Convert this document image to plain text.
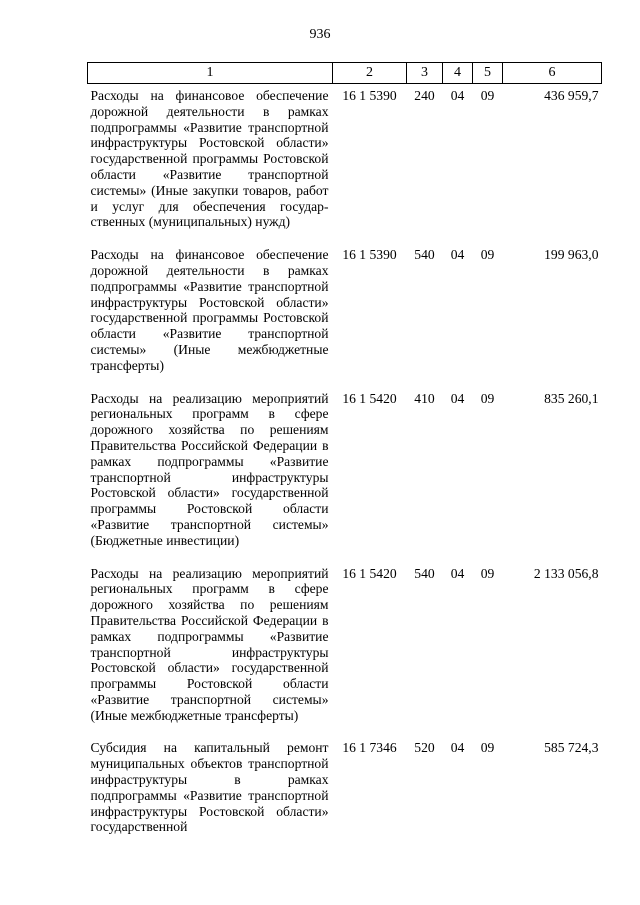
936
1	2	3	4	5	6
Расходы на финансовое обеспечение дорожной деятельности в рамках подпрограммы «Развитие транспортной инфраструктуры Ростовской области» государственной программы Ростовской области «Развитие транспортной системы» (Иные закупки товаров, работ и услуг для обеспечения государственных (муниципальных) нужд)	16 1 5390	240	04	09	436 959,7
Расходы на финансовое обеспечение дорожной деятельности в рамках подпрограммы «Развитие транспортной инфраструктуры Ростовской области» государственной программы Ростовской области «Развитие транспортной системы» (Иные межбюджетные трансферты)	16 1 5390	540	04	09	199 963,0
Расходы на реализацию мероприятий региональных программ в сфере дорожного хозяйства по решениям Правительства Российской Федерации в рамках подпрограммы «Развитие транспортной инфраструктуры Ростовской области» государственной программы Ростовской области «Развитие транспортной системы» (Бюджетные инвестиции)	16 1 5420	410	04	09	835 260,1
Расходы на реализацию мероприятий региональных программ в сфере дорожного хозяйства по решениям Правительства Российской Федерации в рамках подпрограммы «Развитие транспортной инфраструктуры Ростовской области» государственной программы Ростовской области «Развитие транспортной системы» (Иные межбюджетные трансферты)	16 1 5420	540	04	09	2 133 056,8
Субсидия на капитальный ремонт муниципальных объектов транспортной инфраструктуры в рамках подпрограммы «Развитие транспортной инфраструктуры Ростовской области» государственной	16 1 7346	520	04	09	585 724,3
